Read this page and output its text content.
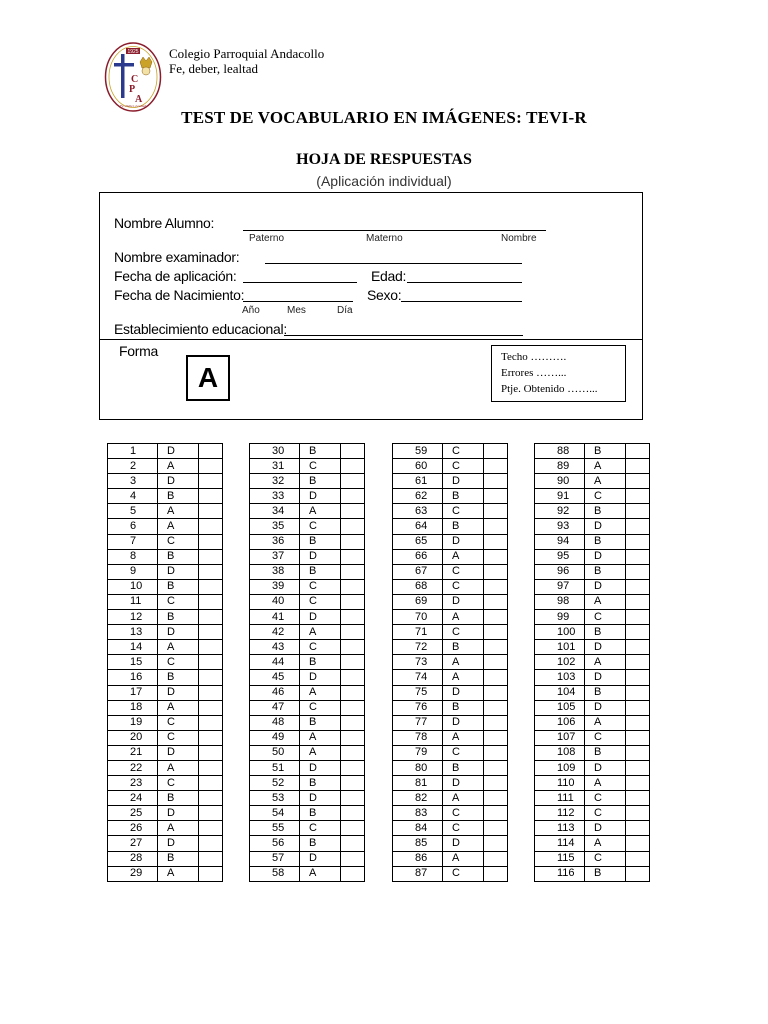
1925
C
P
A
Fe, Deber, Lealtad
Colegio Parroquial Andacollo
Fe, deber, lealtad
TEST DE VOCABULARIO EN IMÁGENES: TEVI-R
HOJA DE RESPUESTAS
(Aplicación individual)
Nombre Alumno:
Paterno	Materno	Nombre
Nombre examinador:
Fecha de aplicación:	Edad:
Fecha de Nacimiento:	Sexo:
Año	Mes	Día
Establecimiento educacional:
Forma
A
Techo ……….
Errores ……...
Ptje. Obtenido ……...
1	D	
2	A	
3	D	
4	B	
5	A	
6	A	
7	C	
8	B	
9	D	
10	B	
11	C	
12	B	
13	D	
14	A	
15	C	
16	B	
17	D	
18	A	
19	C	
20	C	
21	D	
22	A	
23	C	
24	B	
25	D	
26	A	
27	D	
28	B	
29	A	
30	B	
31	C	
32	B	
33	D	
34	A	
35	C	
36	B	
37	D	
38	B	
39	C	
40	C	
41	D	
42	A	
43	C	
44	B	
45	D	
46	A	
47	C	
48	B	
49	A	
50	A	
51	D	
52	B	
53	D	
54	B	
55	C	
56	B	
57	D	
58	A	
59	C	
60	C	
61	D	
62	B	
63	C	
64	B	
65	D	
66	A	
67	C	
68	C	
69	D	
70	A	
71	C	
72	B	
73	A	
74	A	
75	D	
76	B	
77	D	
78	A	
79	C	
80	B	
81	D	
82	A	
83	C	
84	C	
85	D	
86	A	
87	C	
88	B	
89	A	
90	A	
91	C	
92	B	
93	D	
94	B	
95	D	
96	B	
97	D	
98	A	
99	C	
100	B	
101	D	
102	A	
103	D	
104	B	
105	D	
106	A	
107	C	
108	B	
109	D	
110	A	
111	C	
112	C	
113	D	
114	A	
115	C	
116	B	
